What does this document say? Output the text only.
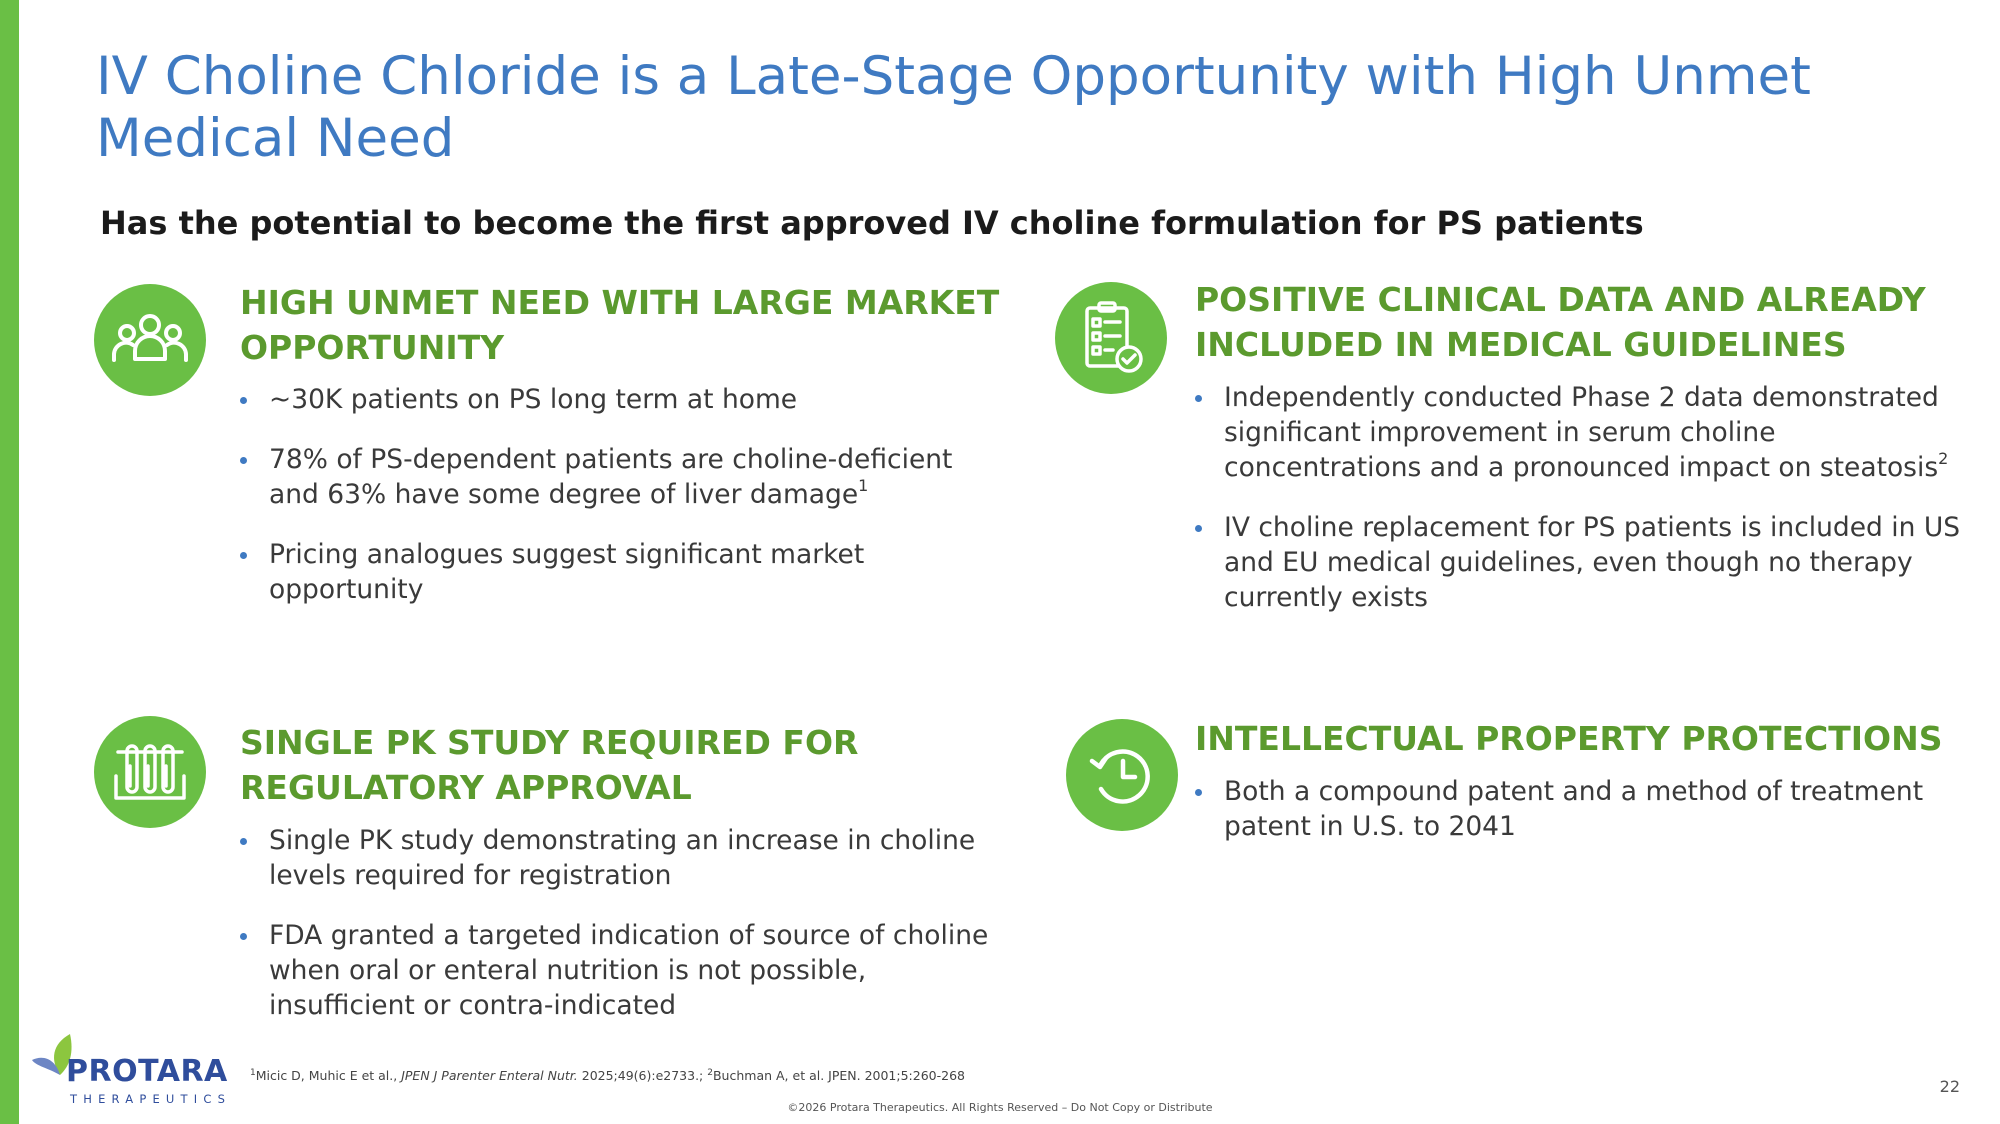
IV Choline Chloride is a Late-Stage Opportunity with High Unmet Medical Need

Has the potential to become the first approved IV choline formulation for PS patients

HIGH UNMET NEED WITH LARGE MARKET OPPORTUNITY
~30K patients on PS long term at home
78% of PS-dependent patients are choline-deficient and 63% have some degree of liver damage$^1$
Pricing analogues suggest significant market opportunity
POSITIVE CLINICAL DATA AND ALREADY INCLUDED IN MEDICAL GUIDELINES
Independently conducted Phase 2 data demonstrated significant improvement in serum choline concentrations and a pronounced impact on steatosis$^2$
IV choline replacement for PS patients is included in US and EU medical guidelines, even though no therapy currently exists
SINGLE PK STUDY REQUIRED FOR REGULATORY APPROVAL
Single PK study demonstrating an increase in choline levels required for registration
FDA granted a targeted indication of source of choline when oral or enteral nutrition is not possible, insufficient or contra-indicated
INTELLECTUAL PROPERTY PROTECTIONS
Both a compound patent and a method of treatment patent in U.S. to 2041

PROTARA

THERAPEUTICS

$^1$Micic D, Muhic E et al., JPEN J Parenter Enteral Nutr. 2025;49(6):e2733.; $^2$Buchman A, et al. JPEN. 2001;5:260-268

22

©2026 Protara Therapeutics. All Rights Reserved – Do Not Copy or Distribute
